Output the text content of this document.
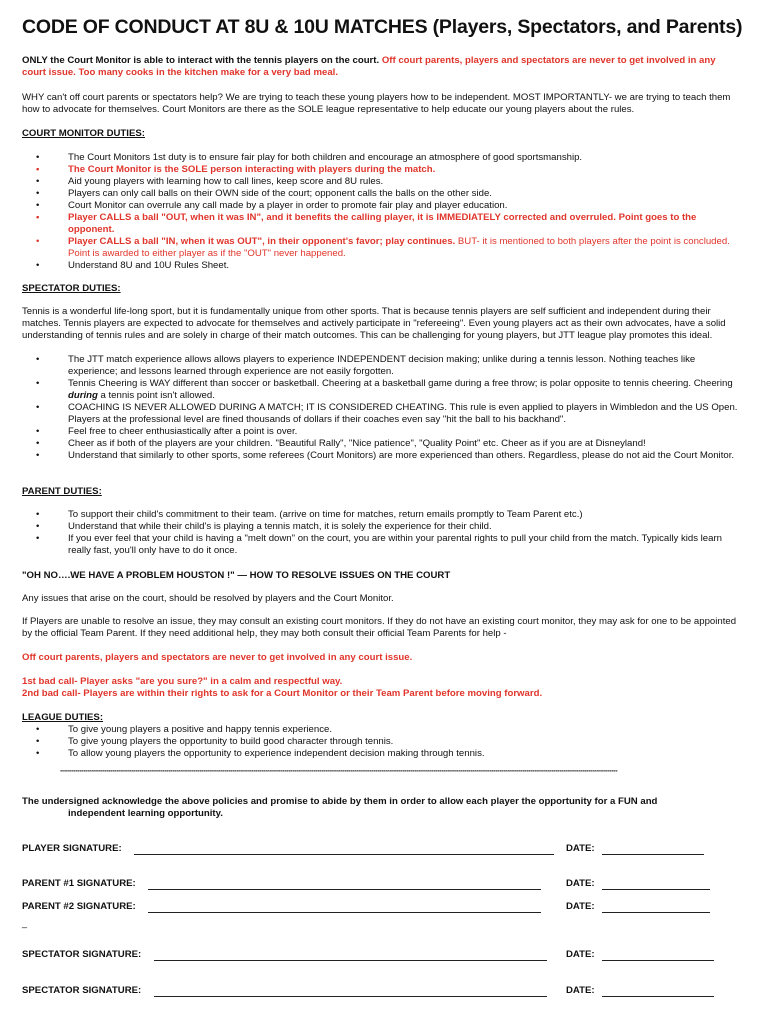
CODE OF CONDUCT AT 8U & 10U MATCHES (Players, Spectators, and Parents)
ONLY the Court Monitor is able to interact with the tennis players on the court. Off court parents, players and spectators are never to get involved in any court issue. Too many cooks in the kitchen make for a very bad meal.
WHY can't off court parents or spectators help? We are trying to teach these young players how to be independent. MOST IMPORTANTLY- we are trying to teach them how to advocate for themselves. Court Monitors are there as the SOLE league representative to help educate our young players about the rules.
COURT MONITOR DUTIES:
•	The Court Monitors 1st duty is to ensure fair play for both children and encourage an atmosphere of good sportsmanship.
•	The Court Monitor is the SOLE person interacting with players during the match.
•	Aid young players with learning how to call lines, keep score and 8U rules.
•	Players can only call balls on their OWN side of the court; opponent calls the balls on the other side.
•	Court Monitor can overrule any call made by a player in order to promote fair play and player education.
•	Player CALLS a ball "OUT, when it was IN", and it benefits the calling player, it is IMMEDIATELY corrected and overruled. Point goes to the opponent.
•	Player CALLS a ball "IN, when it was OUT", in their opponent's favor; play continues. BUT- it is mentioned to both players after the point is concluded. Point is awarded to either player as if the "OUT" never happened.
•	Understand 8U and 10U Rules Sheet.
SPECTATOR DUTIES:
Tennis is a wonderful life-long sport, but it is fundamentally unique from other sports. That is because tennis players are self sufficient and independent during their matches. Tennis players are expected to advocate for themselves and actively participate in "refereeing". Even young players act as their own advocates, have a solid understanding of tennis rules and are solely in charge of their match outcomes. This can be challenging for young players, but JTT league play promotes this ideal.
•	The JTT match experience allows allows players to experience INDEPENDENT decision making; unlike during a tennis lesson. Nothing teaches like experience; and lessons learned through experience are not easily forgotten.
•	Tennis Cheering is WAY different than soccer or basketball. Cheering at a basketball game during a free throw; is polar opposite to tennis cheering. Cheering during a tennis point isn't allowed.
•	COACHING IS NEVER ALLOWED DURING A MATCH; IT IS CONSIDERED CHEATING. This rule is even applied to players in Wimbledon and the US Open. Players at the professional level are fined thousands of dollars if their coaches even say "hit the ball to his backhand".
•	Feel free to cheer enthusiastically after a point is over.
•	Cheer as if both of the players are your children. "Beautiful Rally", "Nice patience", "Quality Point" etc. Cheer as if you are at Disneyland!
•	Understand that similarly to other sports, some referees (Court Monitors) are more experienced than others. Regardless, please do not aid the Court Monitor.
PARENT DUTIES:
•	To support their child's commitment to their team. (arrive on time for matches, return emails promptly to Team Parent etc.)
•	Understand that while their child's is playing a tennis match, it is solely the experience for their child.
•	If you ever feel that your child is having a "melt down" on the court, you are within your parental rights to pull your child from the match. Typically kids learn really fast, you'll only have to do it once.
"OH NO….WE HAVE A PROBLEM HOUSTON !" — HOW TO RESOLVE ISSUES ON THE COURT
Any issues that arise on the court, should be resolved by players and the Court Monitor.
If Players are unable to resolve an issue, they may consult an existing court monitors. If they do not have an existing court monitor, they may ask for one to be appointed by the official Team Parent. If they need additional help, they may both consult their official Team Parents for help -
Off court parents, players and spectators are never to get involved in any court issue.
1st bad call- Player asks "are you sure?" in a calm and respectful way.
2nd bad call- Players are within their rights to ask for a Court Monitor or their Team Parent before moving forward.
LEAGUE DUTIES:
•	To give young players a positive and happy tennis experience.
•	To give young players the opportunity to build good character through tennis.
•	To allow young players the opportunity to experience independent decision making through tennis.
************************************************************************************************************************************************************************************************************************************************************************************************
The undersigned acknowledge the above policies and promise to abide by them in order to allow each player the opportunity for a FUN and
independent learning opportunity.
PLAYER SIGNATURE:	DATE:
PARENT #1 SIGNATURE:	DATE:
PARENT #2 SIGNATURE:	DATE:
_
SPECTATOR SIGNATURE:	DATE:
SPECTATOR SIGNATURE:	DATE:
